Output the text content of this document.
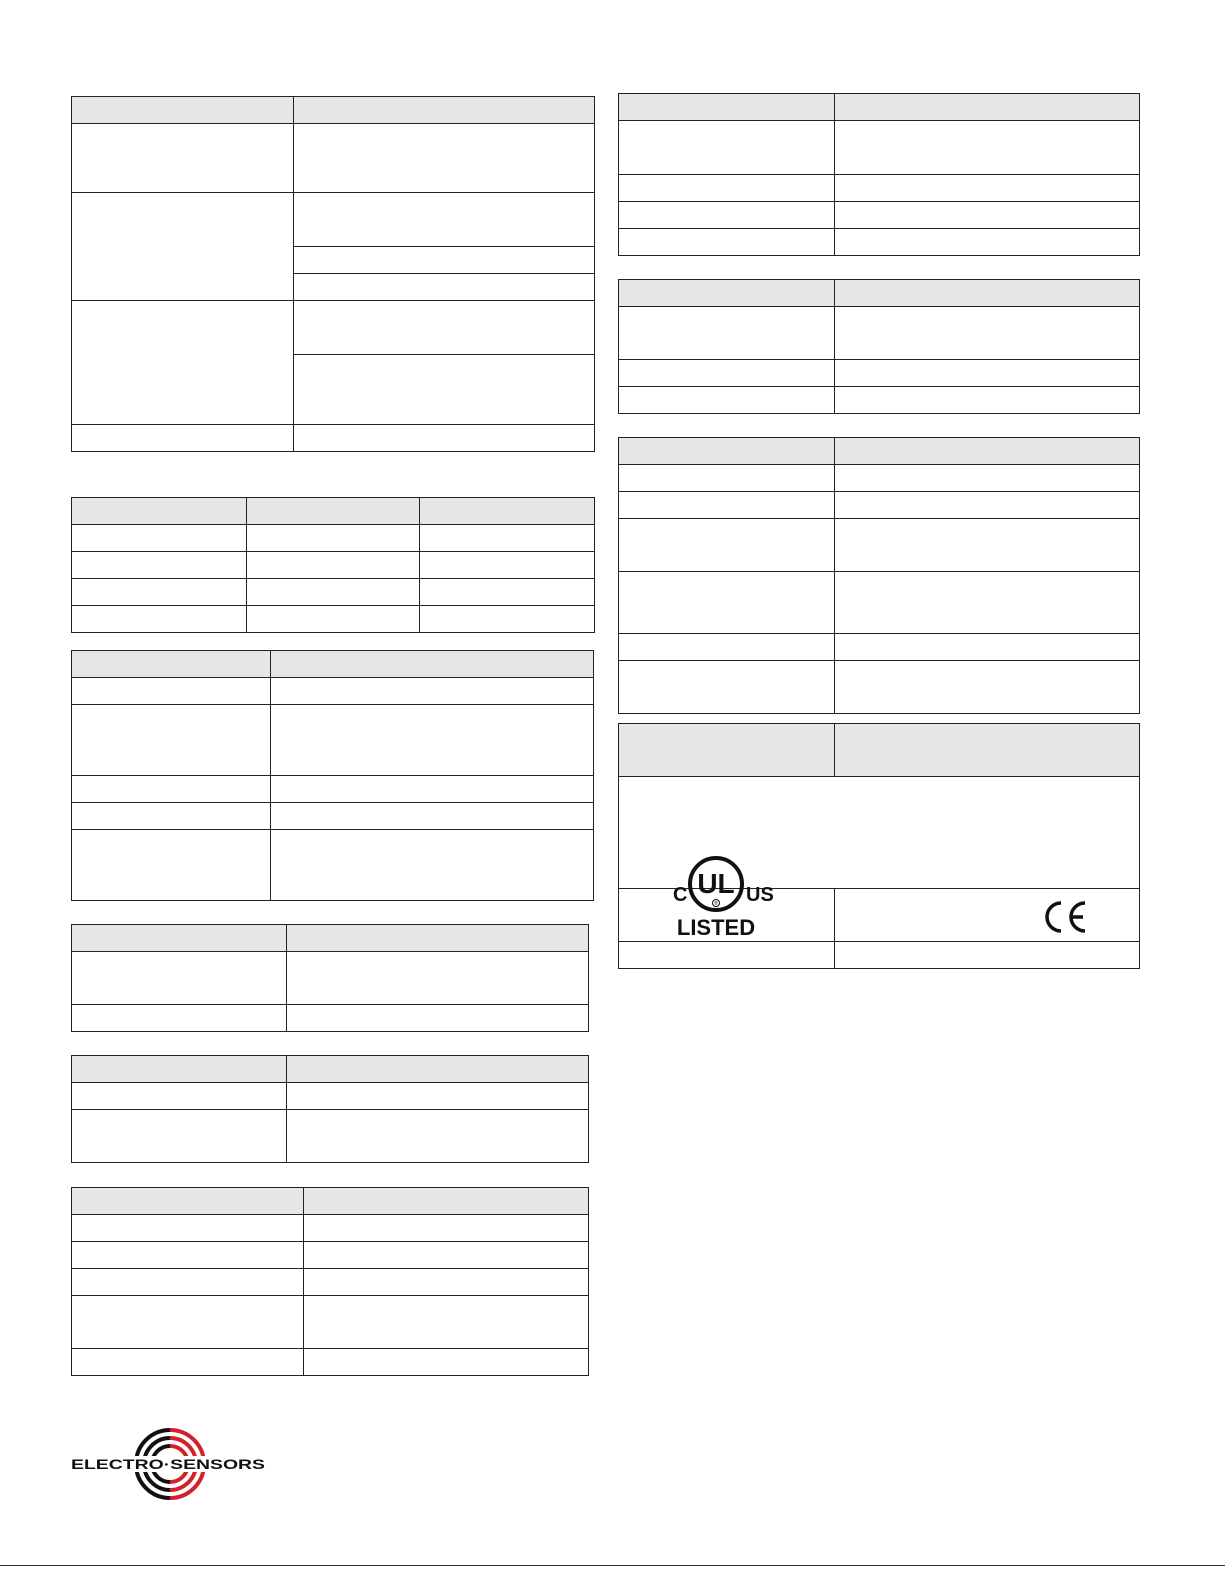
C UL
® US
LISTED	

ELECTRO·SENSORS
